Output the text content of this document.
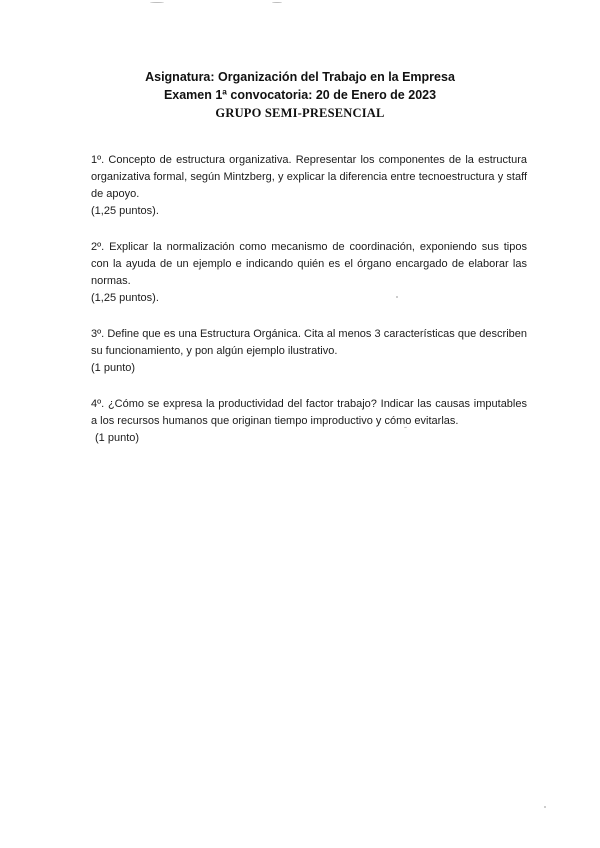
Asignatura: Organización del Trabajo en la Empresa
Examen 1ª convocatoria: 20 de Enero de 2023
GRUPO SEMI-PRESENCIAL

1º. Concepto de estructura organizativa. Representar los componentes de la estructura organizativa formal, según Mintzberg, y explicar la diferencia entre tecnoestructura y staff de apoyo.

(1,25 puntos).

2º. Explicar la normalización como mecanismo de coordinación, exponiendo sus tipos con la ayuda de un ejemplo e indicando quién es el órgano encargado de elaborar las normas.

(1,25 puntos).

3º. Define que es una Estructura Orgánica. Cita al menos 3 características que describen su funcionamiento, y pon algún ejemplo ilustrativo.

(1 punto)

4º. ¿Cómo se expresa la productividad del factor trabajo? Indicar las causas imputables a los recursos humanos que originan tiempo improductivo y cómo evitarlas.

(1 punto)
